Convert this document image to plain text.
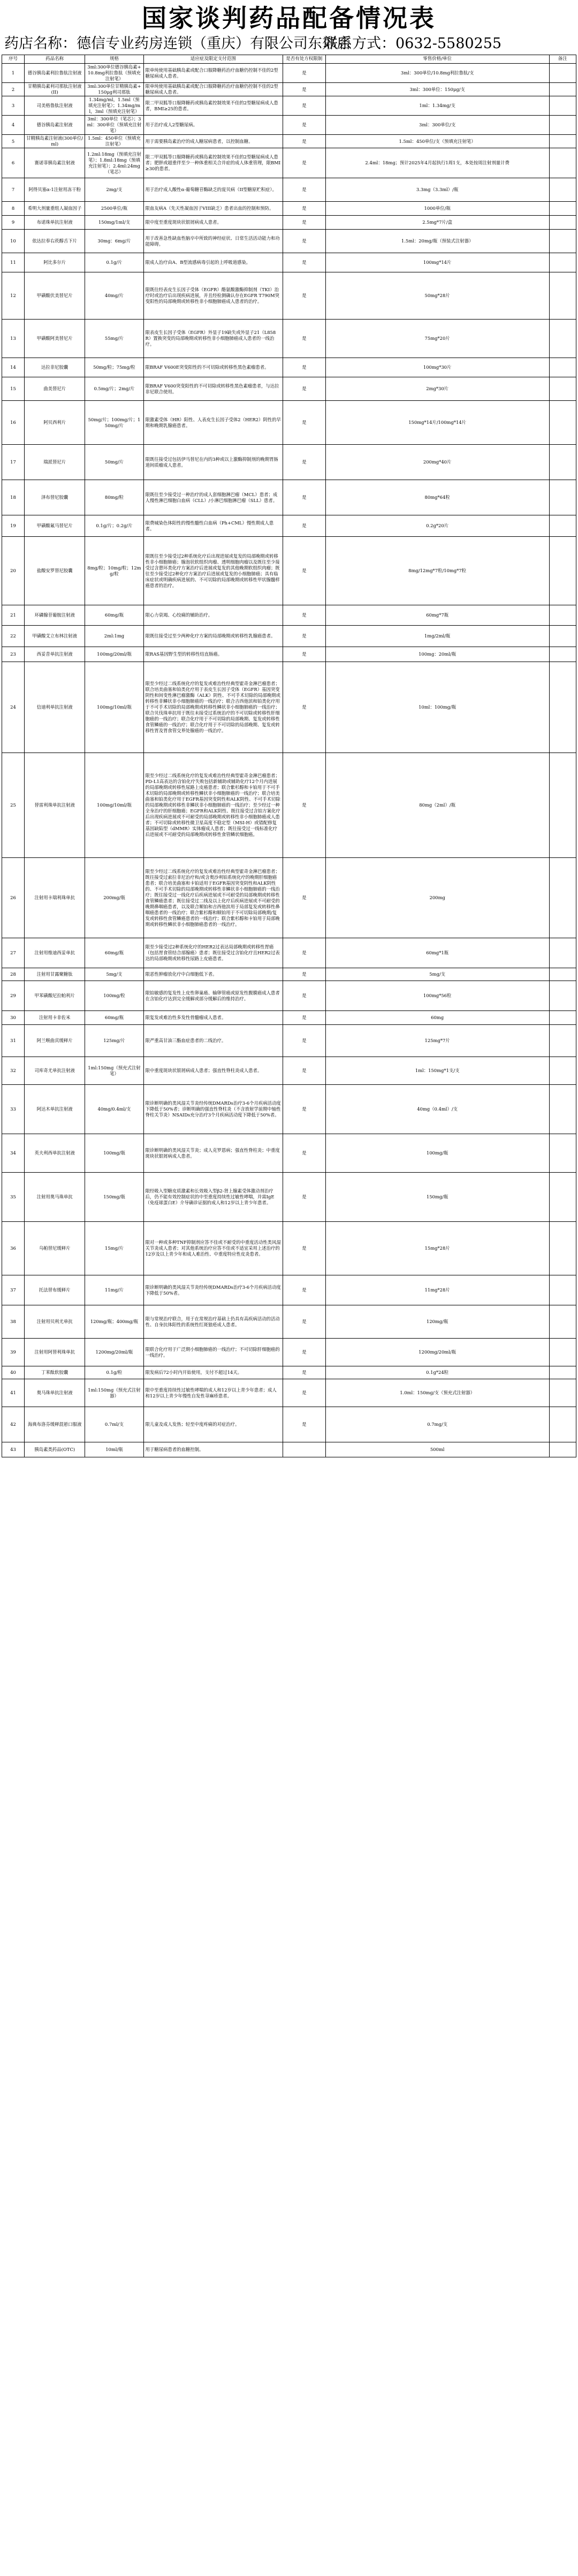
国家谈判药品配备情况表
药店名称：德信专业药房连锁（重庆）有限公司东郊店
联系方式：0632-5580255
序号	药品名称	规格	适应症及限定支付范围	是否有处方权限制	零售价格/单位	备注
1	德谷胰岛素利拉鲁肽注射液	3ml:300单位德谷胰岛素+10.8mg利拉鲁肽（预填充注射笔）	限单纯使用基础胰岛素或配合口服降糖药治疗血糖仍控制不佳的2型糖尿病成人患者。	是	3ml：300单位/10.8mg利拉鲁肽/支	
2	甘精胰岛素利司那肽注射液(II)	3ml:300单位甘精胰岛素+150μg利司那肽	限单纯使用基础胰岛素或配合口服降糖药治疗血糖仍控制不佳的2型糖尿病成人患者。	是	3ml：300单位：150μg/支	
3	司美格鲁肽注射液	1.34mg/ml，1.5ml（预填充注射笔）；1.34mg/ml，3ml（预填充注射笔）	限二甲双胍等口服降糖药或胰岛素控制效果不佳的2型糖尿病成人患者，BMI≥25的患者。	是	1ml：1.34mg/支	
4	德谷胰岛素注射液	3ml：300单位（笔芯）；3ml：300单位（预填充注射笔）	用于治疗成人2型糖尿病。	是	3ml：300单位/支	
5	甘精胰岛素注射液(300单位/ml)	1.5ml：450单位（预填充注射笔）	用于需要胰岛素治疗的成人糖尿病患者，以控制血糖。	是	1.5ml：450单位/支（预填充注射笔）	
6	赛诺菲胰岛素注射液	1.2ml:18mg（预填充注射笔）；1.8ml:18mg（预填充注射笔）；2.4ml:24mg（笔芯）	限二甲双胍等口服降糖药或胰岛素控制效果不佳的2型糖尿病成人患者；肥胖或超重伴至少一种体重相关合并症的成人体重管理，限BMI≥30的患者。	是	2.4ml：18mg；预计2025年4月起执行1周1支，本处按周注射剂量计费	
7	阿得贝塞α-1注射用冻干粉	2mg/支	用于治疗成人酸性α-葡萄糖苷酶缺乏的庞贝病（II型糖原贮积症）。	是	3.3mg（3.3ml）/瓶	
8	希明大剂量重组人凝血因子	2500单位/瓶	限血友病A（先天性凝血因子VIII缺乏）患者出血的控制和预防。	是	1000单位/瓶	
9	布诺珠单抗注射液	150mg/1ml/支	限中度至重度斑块状银屑病成人患者。	是	2.5mg*7片/盒	
10	依达拉奉右莰醇舌下片	30mg：6mg/片	用于改善急性缺血性脑卒中所致的神经症状、日常生活活动能力和功能障碍。	是	1.5ml：20mg/瓶（预装式注射器）	
11	阿比多尔片	0.1g/片	限成人治疗由A、B型流感病毒引起的上呼吸道感染。	是	100mg*14片	
12	甲磺酸伏美替尼片	40mg/片	限既往经表皮生长因子受体（EGFR）酪氨酸激酶抑制剂（TKI）治疗时或治疗后出现疾病进展，并且经检测确认存在EGFR T790M突变阳性的局部晚期或转移性非小细胞肺癌成人患者的治疗。	是	50mg*28片	
13	甲磺酸阿美替尼片	55mg/片	限表皮生长因子受体（EGFR）外显子19缺失或外显子21（L858R）置换突变的局部晚期或转移性非小细胞肺癌成人患者的一线治疗。	是	75mg*20片	
14	达拉非尼胶囊	50mg/粒；75mg/粒	限BRAF V600E突变阳性的不可切除或转移性黑色素瘤患者。	是	100mg*30片	
15	曲美替尼片	0.5mg/片；2mg/片	限BRAF V600突变阳性的不可切除或转移性黑色素瘤患者，与达拉非尼联合使用。	是	2mg*30片	
16	阿贝西利片	50mg/片；100mg/片；150mg/片	限激素受体（HR）阳性、人表皮生长因子受体2（HER2）阴性的早期和晚期乳腺癌患者。	是	150mg*14片/100mg*14片	
17	瑞派替尼片	50mg/片	限既往接受过包括伊马替尼在内的3种或以上激酶抑制剂的晚期胃肠道间质瘤成人患者。	是	200mg*40片	
18	泽布替尼胶囊	80mg/粒	限既往至少接受过一种治疗的成人套细胞淋巴瘤（MCL）患者；成人慢性淋巴细胞白血病（CLL）/小淋巴细胞淋巴瘤（SLL）患者。	是	80mg*64粒	
19	甲磺酸氟马替尼片	0.1g/片；0.2g/片	限费城染色体阳性的慢性髓性白血病（Ph+CML）慢性期成人患者。	是	0.2g*20片	
20	盐酸安罗替尼胶囊	8mg/粒；10mg/粒；12mg/粒	限既往至少接受过2种系统化疗后出现进展或复发的局部晚期或转移性非小细胞肺癌；腺泡状软组织肉瘤、透明细胞肉瘤以及既往至少接受过含蒽环类化疗方案治疗后进展或复发的其他晚期软组织肉瘤；既往至少接受过2种化疗方案治疗后进展或复发的小细胞肺癌；具有临床症状或明确疾病进展的、不可切除的局部晚期或转移性甲状腺髓样癌患者的治疗。	是	8mg/12mg*7粒/10mg*7粒	
21	环磷腺苷葡胺注射液	60mg/瓶	限心力衰竭、心绞痛的辅助治疗。	是	60mg*7瓶	
22	甲磺酸艾立布林注射液	2ml:1mg	限既往接受过至少两种化疗方案的局部晚期或转移性乳腺癌患者。	是	1mg/2ml/瓶	
23	西妥昔单抗注射液	100mg/20ml/瓶	限RAS基因野生型的转移性结直肠癌。	是	100mg：20ml/瓶	
24	信迪利单抗注射液	100mg/10ml/瓶	限至少经过二线系统化疗的复发或难治性经典型霍奇金淋巴瘤患者；联合培美曲塞和铂类化疗用于表皮生长因子受体（EGFR）基因突变阴性和间变性淋巴瘤激酶（ALK）阴性、不可手术切除的局部晚期或转移性非鳞状非小细胞肺癌的一线治疗；联合吉西他滨和铂类化疗用于不可手术切除的局部晚期或转移性鳞状非小细胞肺癌的一线治疗；联合贝伐珠单抗用于既往未接受过系统治疗的不可切除或转移性肝细胞癌的一线治疗；联合化疗用于不可切除的局部晚期、复发或转移性食管鳞癌的一线治疗；联合化疗用于不可切除的局部晚期、复发或转移性胃及胃食管交界处腺癌的一线治疗。	是	10ml：100mg/瓶	
25	替雷利珠单抗注射液	100mg/10ml/瓶	限至少经过二线系统化疗的复发或难治性经典型霍奇金淋巴瘤患者；PD-L1高表达的含铂化疗失败包括新辅助或辅助化疗12个月内进展的局部晚期或转移性尿路上皮癌患者；联合紫杉醇和卡铂用于不可手术切除的局部晚期或转移性鳞状非小细胞肺癌的一线治疗；联合培美曲塞和铂类化疗用于EGFR基因突变阴性和ALK阴性、不可手术切除的局部晚期或转移性非鳞状非小细胞肺癌的一线治疗；至少经过一种全身治疗的肝细胞癌；EGFR和ALK阴性、既往接受过含铂方案化疗后出现疾病进展或不可耐受的局部晚期或转移性非小细胞肺癌成人患者；不可切除或转移性微卫星高度不稳定型（MSI-H）或错配修复基因缺陷型（dMMR）实体瘤成人患者；既往接受过一线标准化疗后进展或不可耐受的局部晚期或转移性食管鳞状细胞癌。	是	80mg（2ml）/瓶	
26	注射用卡瑞利珠单抗	200mg/瓶	限至少经过二线系统化疗的复发或难治性经典型霍奇金淋巴瘤患者；既往接受过索拉非尼治疗和/或含奥沙利铂系统化疗的晚期肝细胞癌患者；联合培美曲塞和卡铂适用于EGFR基因突变阴性和ALK阴性的、不可手术切除的局部晚期或转移性非鳞状非小细胞肺癌的一线治疗；既往接受过一线化疗后疾病进展或不可耐受的局部晚期或转移性食管鳞癌患者；既往接受过二线及以上化疗后疾病进展或不可耐受的晚期鼻咽癌患者，以及联合顺铂和吉西他滨用于局部复发或转移性鼻咽癌患者的一线治疗；联合紫杉醇和顺铂用于不可切除局部晚期/复发或转移性食管鳞癌患者的一线治疗；联合紫杉醇和卡铂用于局部晚期或转移性鳞状非小细胞肺癌患者的一线治疗。	是	200mg	
27	注射用维迪西妥单抗	60mg/瓶	限至少接受过2种系统化疗的HER2过表达局部晚期或转移性胃癌（包括胃食管结合部腺癌）患者；既往接受过含铂化疗且HER2过表达的局部晚期或转移性尿路上皮癌患者。	是	60mg*1瓶	
28	注射用甘露聚糖肽	5mg/支	限恶性肿瘤放化疗中白细胞低下者。	是	5mg/支	
29	甲苯磺酸尼拉帕利片	100mg/粒	限铂敏感的复发性上皮性卵巢癌、输卵管癌或原发性腹膜癌成人患者在含铂化疗达到完全缓解或部分缓解后的维持治疗。	是	100mg*56粒	
30	注射用卡非佐米	60mg/瓶	限复发或难治性多发性骨髓瘤成人患者。	是	60mg	
31	阿兰喉曲宾缓释片	125mg/片	限严重高甘油三酯血症患者的二线治疗。	是	125mg*7片	
32	司库奇尤单抗注射液	1ml:150mg（预充式注射笔）	限中重度斑块状银屑病成人患者；强直性脊柱炎成人患者。	是	1ml：150mg*1支/支	
33	阿达木单抗注射液	40mg/0.4ml/支	限诊断明确的类风湿关节炎经传统DMARDs治疗3-6个月疾病活动度下降低于50%者；诊断明确的强直性脊柱炎（不含放射学前期中轴性脊柱关节炎）NSAIDs充分治疗3个月疾病活动度下降低于50%者。	是	40mg（0.4ml）/支	
34	英夫利西单抗注射液	100mg/瓶	限诊断明确的类风湿关节炎；成人克罗恩病；强直性脊柱炎；中重度斑块状银屑病成人患者。	是	100mg/瓶	
35	注射用奥马珠单抗	150mg/瓶	限经吸入型糖皮质激素和长效吸入型β2-肾上腺素受体激动剂治疗后，仍不能有效控制症状的中至重度持续性过敏性哮喘，并需IgE（免疫球蛋白E）介导确诊证据的成人和12岁以上青少年患者。	是	150mg/瓶	
36	乌帕替尼缓释片	15mg/片	限对一种或多种TNF抑制剂应答不佳或不耐受的中重度活动性类风湿关节炎成人患者；对其他系统治疗应答不佳或不适宜采用上述治疗的12岁及以上青少年和成人难治性、中重度特应性皮炎患者。	是	15mg*28片	
37	托法替布缓释片	11mg/片	限诊断明确的类风湿关节炎经传统DMARDs治疗3-6个月疾病活动度下降低于50%者。	是	11mg*28片	
38	注射用贝利尤单抗	120mg/瓶；400mg/瓶	限与常规治疗联合，用于在常规治疗基础上仍具有高疾病活动的活动性、自身抗体阳性的系统性红斑狼疮成人患者。	是	120mg/瓶	
39	注射用阿替利珠单抗	1200mg/20ml/瓶	限联合化疗用于广泛期小细胞肺癌的一线治疗；不可切除肝细胞癌的一线治疗。	是	1200mg/20ml/瓶	
40	丁苯酞软胶囊	0.1g/粒	限发病后72小时内开始使用，支付不超过14天。	是	0.1g*24粒	
41	奥马珠单抗注射液	1ml:150mg（预充式注射器）	限中至重度持续性过敏性哮喘的成人和12岁以上青少年患者；成人和12岁以上青少年慢性自发性荨麻疹患者。	是	1.0ml：150mg/支（预充式注射器）	
42	海典布洛芬缓释混悬口服液	0.7ml/支	限儿童及成人发热；轻至中度疼痛的对症治疗。	是	0.7mg/支	
43	胰岛素类药品(OTC)	10ml/瓶	用于糖尿病患者的血糖控制。		500ml	
